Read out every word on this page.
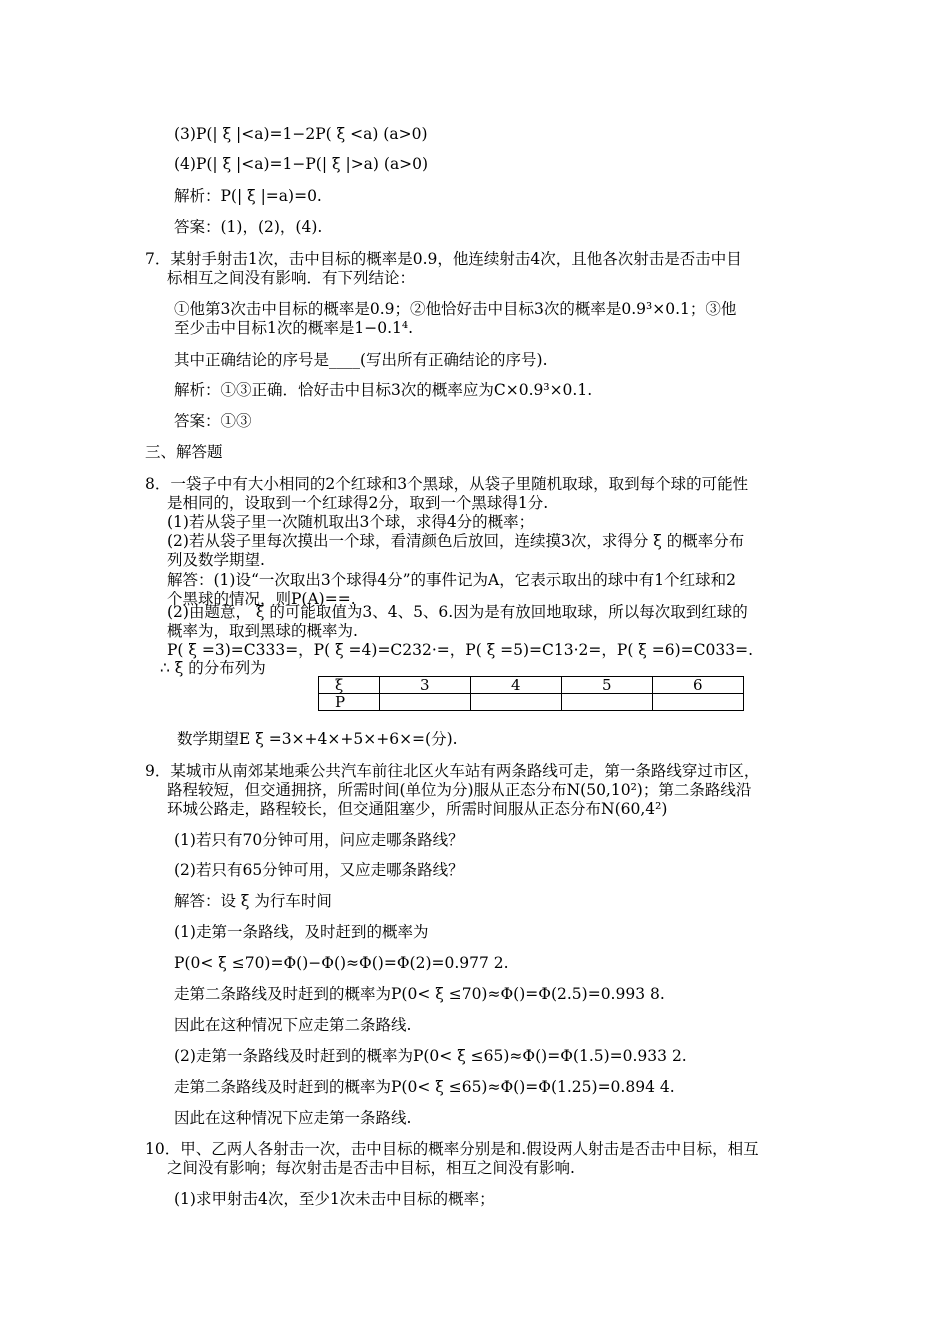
(3)P(| ξ |<a)=1−2P( ξ <a) (a>0)
(4)P(| ξ |<a)=1−P(| ξ |>a) (a>0)
解析：P(| ξ |=a)=0.
答案：(1)，(2)，(4).
7．某射手射击1次，击中目标的概率是0.9，他连续射击4次，且他各次射击是否击中目
标相互之间没有影响．有下列结论：
①他第3次击中目标的概率是0.9；②他恰好击中目标3次的概率是0.9³×0.1；③他
至少击中目标1次的概率是1−0.1⁴.
其中正确结论的序号是____(写出所有正确结论的序号).
解析：①③正确．恰好击中目标3次的概率应为C×0.9³×0.1.
答案：①③
三、解答题
8．一袋子中有大小相同的2个红球和3个黑球，从袋子里随机取球，取到每个球的可能性
是相同的，设取到一个红球得2分，取到一个黑球得1分.
(1)若从袋子里一次随机取出3个球，求得4分的概率；
(2)若从袋子里每次摸出一个球，看清颜色后放回，连续摸3次，求得分 ξ 的概率分布
列及数学期望.
解答：(1)设“一次取出3个球得4分”的事件记为A，它表示取出的球中有1个红球和2
个黑球的情况，则P(A)==.
(2)由题意， ξ 的可能取值为3、4、5、6.因为是有放回地取球，所以每次取到红球的
概率为，取到黑球的概率为.
P( ξ =3)=C333=，P( ξ =4)=C232·=，P( ξ =5)=C13·2=，P( ξ =6)=C033=.
∴ ξ 的分布列为
ξ	3	4	5	6
P				
数学期望E ξ =3×+4×+5×+6×=(分).
9．某城市从南郊某地乘公共汽车前往北区火车站有两条路线可走，第一条路线穿过市区，
路程较短，但交通拥挤，所需时间(单位为分)服从正态分布N(50,10²)；第二条路线沿
环城公路走，路程较长，但交通阻塞少，所需时间服从正态分布N(60,4²)
(1)若只有70分钟可用，问应走哪条路线？
(2)若只有65分钟可用，又应走哪条路线？
解答：设 ξ 为行车时间
(1)走第一条路线，及时赶到的概率为
P(0< ξ ≤70)=Φ()−Φ()≈Φ()=Φ(2)=0.977 2.
走第二条路线及时赶到的概率为P(0< ξ ≤70)≈Φ()=Φ(2.5)=0.993 8.
因此在这种情况下应走第二条路线.
(2)走第一条路线及时赶到的概率为P(0< ξ ≤65)≈Φ()=Φ(1.5)=0.933 2.
走第二条路线及时赶到的概率为P(0< ξ ≤65)≈Φ()=Φ(1.25)=0.894 4.
因此在这种情况下应走第一条路线.
10．甲、乙两人各射击一次，击中目标的概率分别是和.假设两人射击是否击中目标，相互
之间没有影响；每次射击是否击中目标，相互之间没有影响.
(1)求甲射击4次，至少1次未击中目标的概率；
